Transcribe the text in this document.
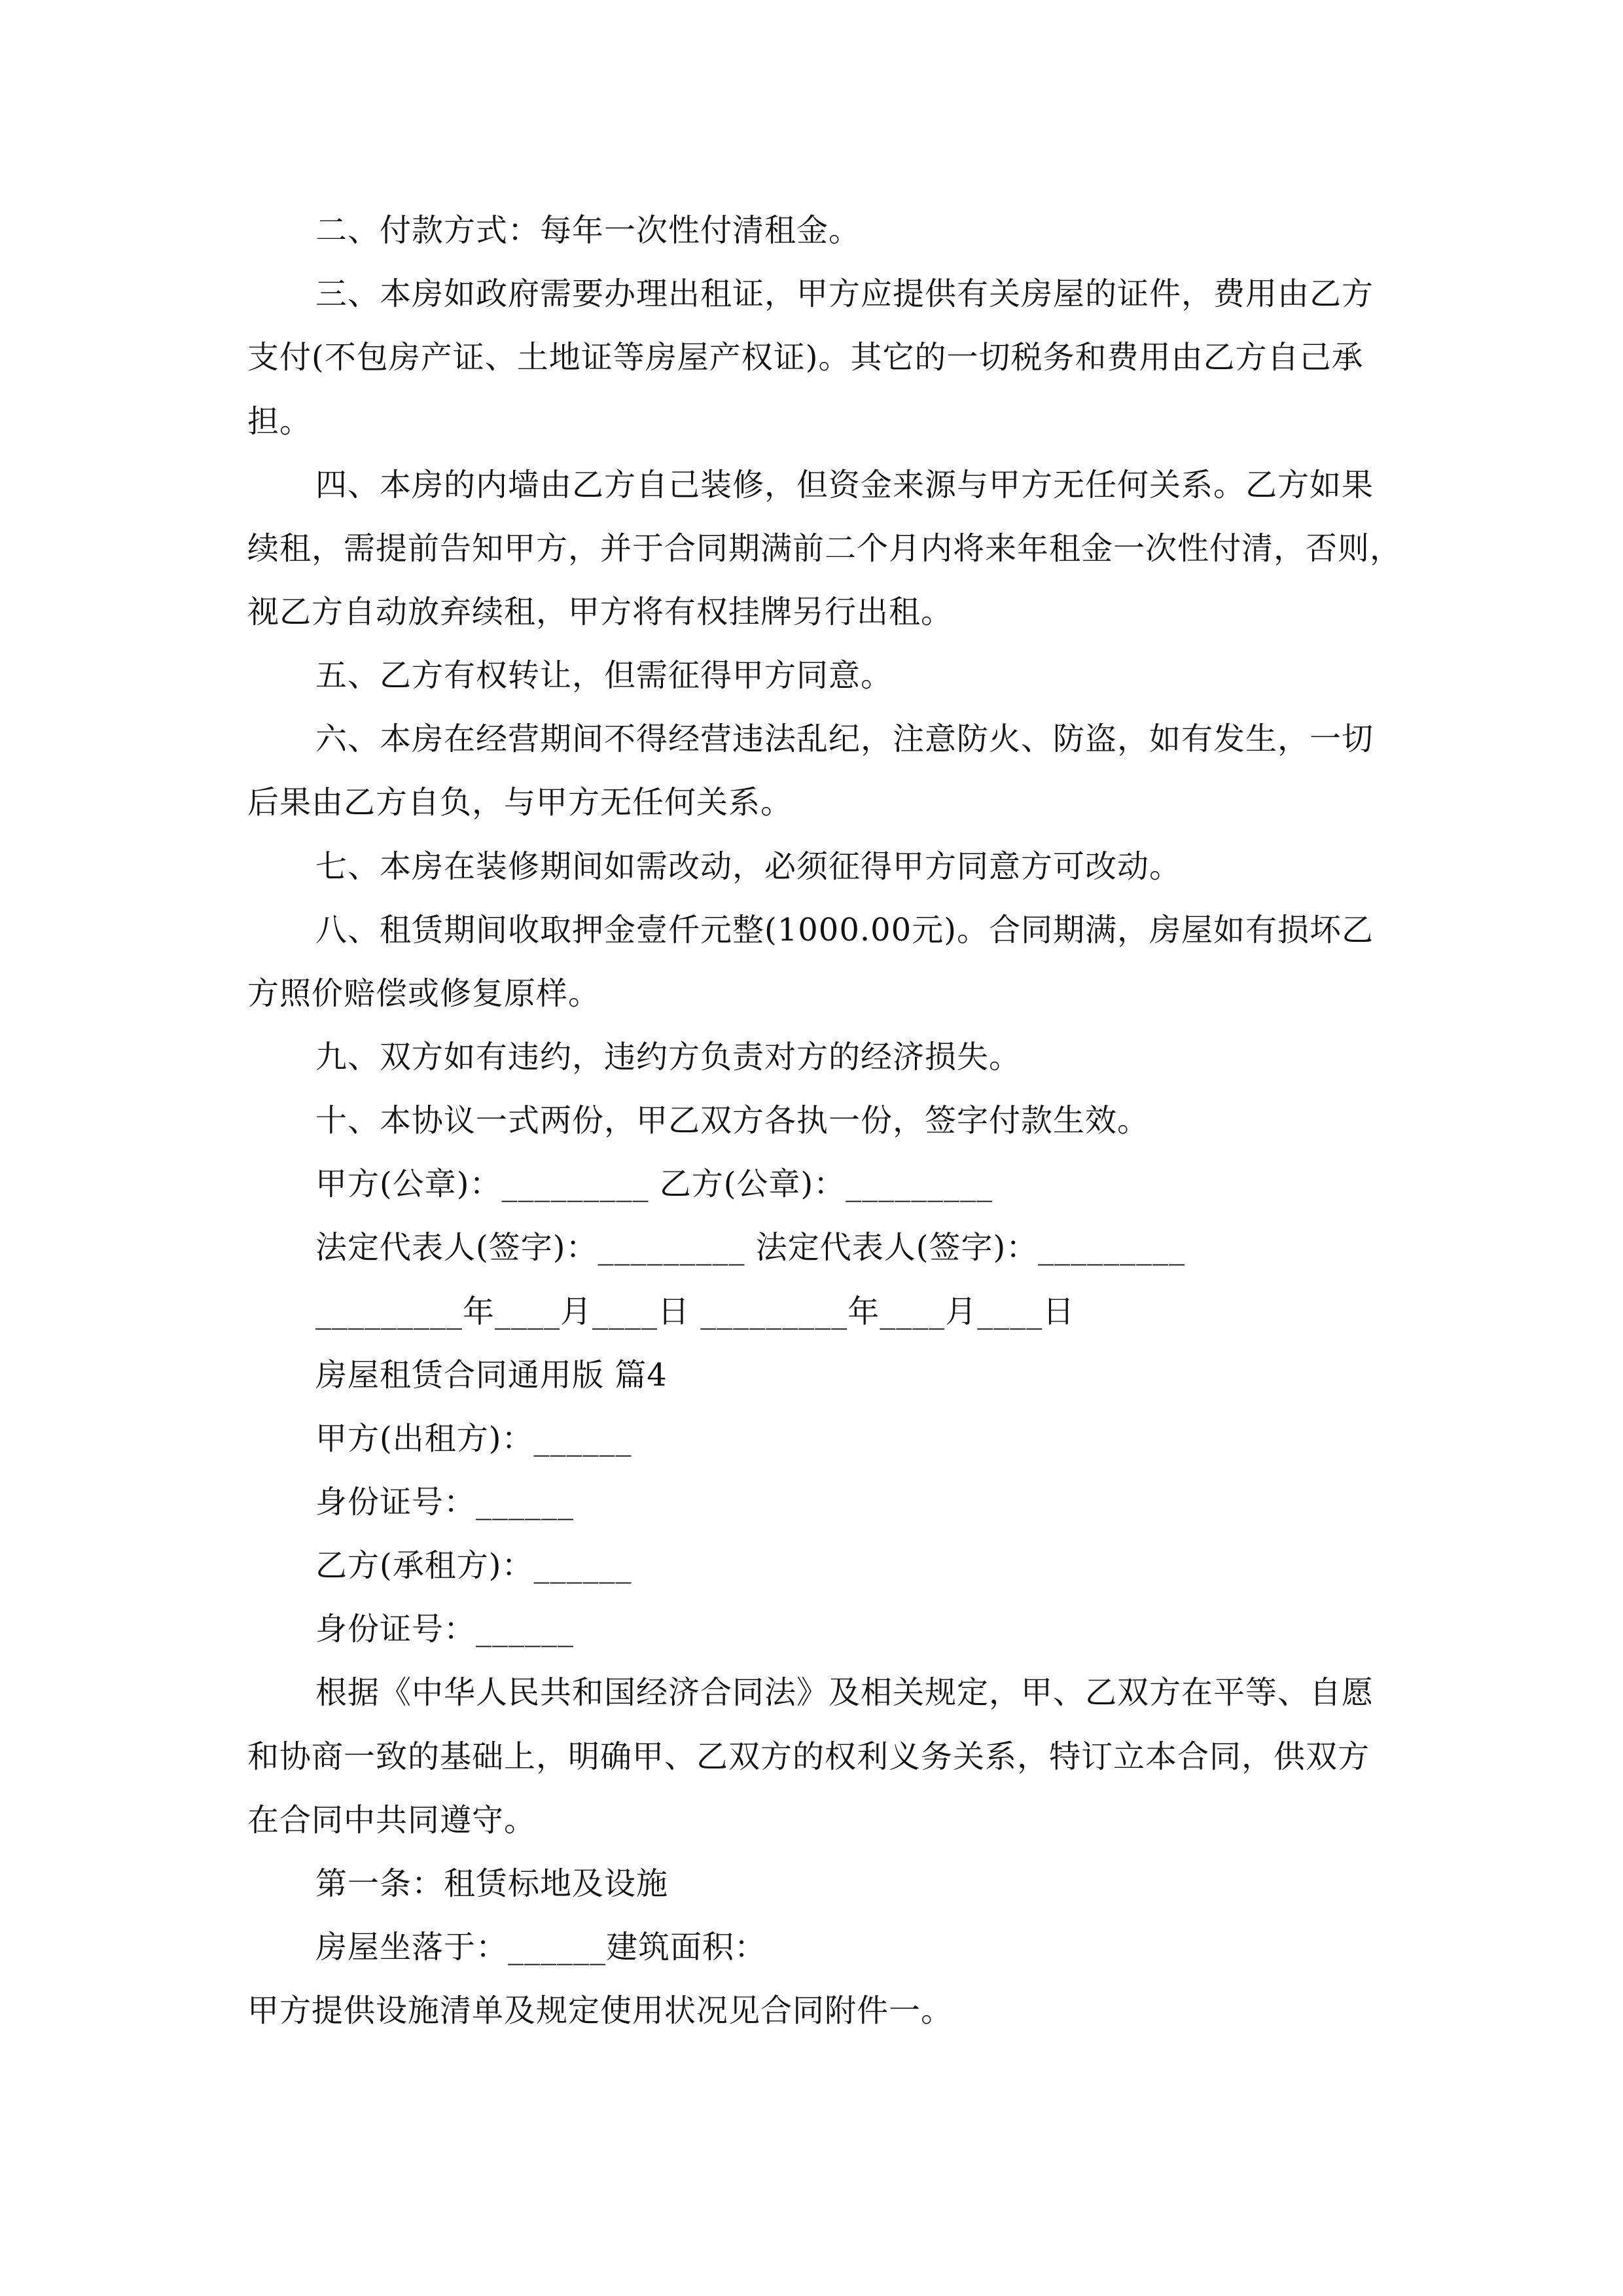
二、付款方式：每年一次性付清租金。
三、本房如政府需要办理出租证，甲方应提供有关房屋的证件，费用由乙方
支付(不包房产证、土地证等房屋产权证)。其它的一切税务和费用由乙方自己承
担。
四、本房的内墙由乙方自己装修，但资金来源与甲方无任何关系。乙方如果
续租，需提前告知甲方，并于合同期满前二个月内将来年租金一次性付清，否则，
视乙方自动放弃续租，甲方将有权挂牌另行出租。
五、乙方有权转让，但需征得甲方同意。
六、本房在经营期间不得经营违法乱纪，注意防火、防盗，如有发生，一切
后果由乙方自负，与甲方无任何关系。
七、本房在装修期间如需改动，必须征得甲方同意方可改动。
八、租赁期间收取押金壹仟元整(1000.00元)。合同期满，房屋如有损坏乙
方照价赔偿或修复原样。
九、双方如有违约，违约方负责对方的经济损失。
十、本协议一式两份，甲乙双方各执一份，签字付款生效。
甲方(公章)：_________ 乙方(公章)：_________
法定代表人(签字)：_________ 法定代表人(签字)：_________
_________年____月____日 _________年____月____日
房屋租赁合同通用版 篇4
甲方(出租方)：______
身份证号：______
乙方(承租方)：______
身份证号：______
根据《中华人民共和国经济合同法》及相关规定，甲、乙双方在平等、自愿
和协商一致的基础上，明确甲、乙双方的权利义务关系，特订立本合同，供双方
在合同中共同遵守。
第一条：租赁标地及设施
房屋坐落于：______建筑面积：
甲方提供设施清单及规定使用状况见合同附件一。
